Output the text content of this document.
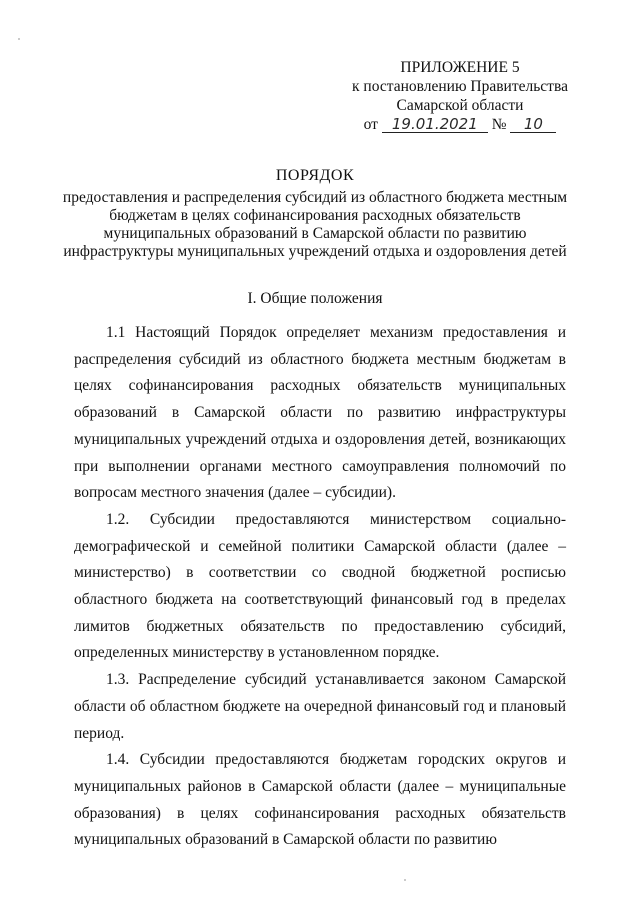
ПРИЛОЖЕНИЕ 5
к постановлению Правительства
Самарской области
от 19.01.2021 № 10
ПОРЯДОК
предоставления и распределения субсидий из областного бюджета местным бюджетам в целях софинансирования расходных обязательств муниципальных образований в Самарской области по развитию инфраструктуры муниципальных учреждений отдыха и оздоровления детей
I. Общие положения

1.1 Настоящий Порядок определяет механизм предоставления и распределения субсидий из областного бюджета местным бюджетам в целях софинансирования расходных обязательств муниципальных образований в Самарской области по развитию инфраструктуры муниципальных учреждений отдыха и оздоровления детей, возникающих при выполнении органами местного самоуправления полномочий по вопросам местного значения (далее – субсидии).

1.2. Субсидии предоставляются министерством социально-демографической и семейной политики Самарской области (далее – министерство) в соответствии со сводной бюджетной росписью областного бюджета на соответствующий финансовый год в пределах лимитов бюджетных обязательств по предоставлению субсидий, определенных министерству в установленном порядке.

1.3. Распределение субсидий устанавливается законом Самарской области об областном бюджете на очередной финансовый год и плановый период.

1.4. Субсидии предоставляются бюджетам городских округов и муниципальных районов в Самарской области (далее – муниципальные образования) в целях софинансирования расходных обязательств муниципальных образований в Самарской области по развитию
